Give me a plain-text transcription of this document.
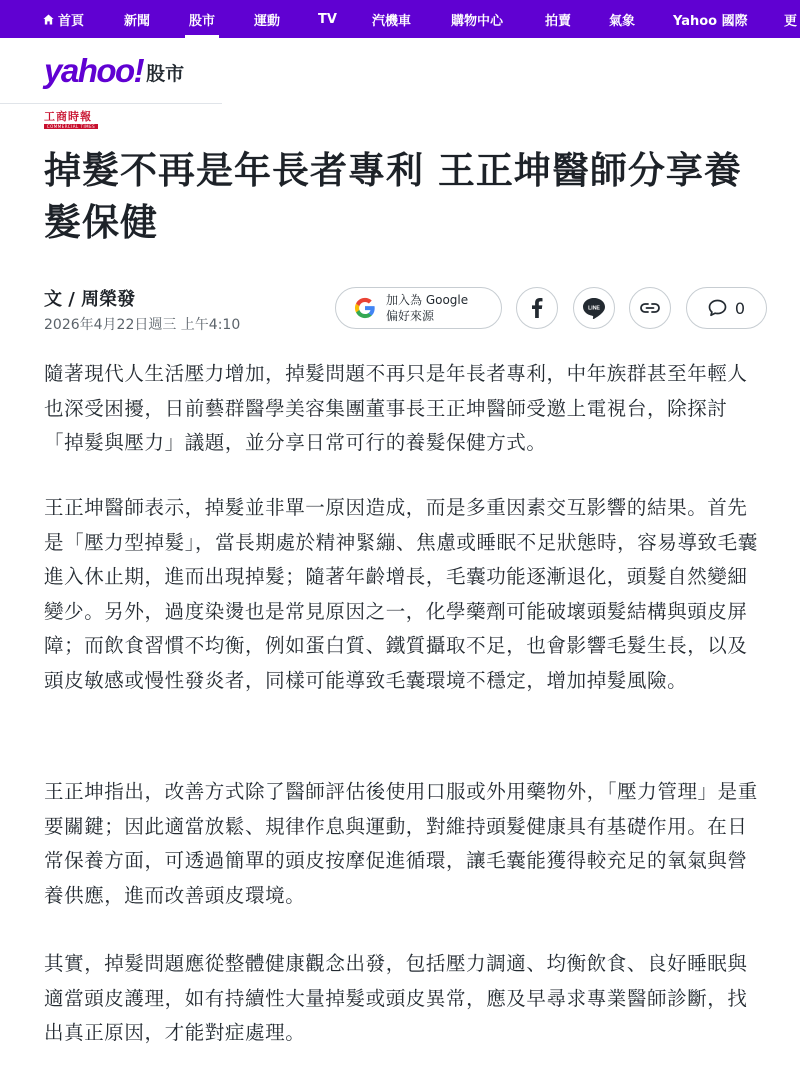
首頁	新聞	股市	運動	TV	汽機車	購物中心	拍賣	氣象	Yahoo 國際	更
yahoo! 股市
工商時報
COMMERCIAL TIMES
掉髮不再是年長者專利 王正坤醫師分享養髮保健
文 / 周榮發
2026年4月22日週三 上午4:10
加入為 Google
偏好來源
LINE	0

隨著現代人生活壓力增加，掉髮問題不再只是年長者專利，中年族群甚至年輕人也深受困擾，日前藝群醫學美容集團董事長王正坤醫師受邀上電視台，除探討「掉髮與壓力」議題，並分享日常可行的養髮保健方式。

王正坤醫師表示，掉髮並非單一原因造成，而是多重因素交互影響的結果。首先是「壓力型掉髮」，當長期處於精神緊繃、焦慮或睡眠不足狀態時，容易導致毛囊進入休止期，進而出現掉髮；隨著年齡增長，毛囊功能逐漸退化，頭髮自然變細變少。另外，過度染燙也是常見原因之一，化學藥劑可能破壞頭髮結構與頭皮屏障；而飲食習慣不均衡，例如蛋白質、鐵質攝取不足，也會影響毛髮生長，以及頭皮敏感或慢性發炎者，同樣可能導致毛囊環境不穩定，增加掉髮風險。

王正坤指出，改善方式除了醫師評估後使用口服或外用藥物外，「壓力管理」是重要關鍵；因此適當放鬆、規律作息與運動，對維持頭髮健康具有基礎作用。在日常保養方面，可透過簡單的頭皮按摩促進循環，讓毛囊能獲得較充足的氧氣與營養供應，進而改善頭皮環境。

其實，掉髮問題應從整體健康觀念出發，包括壓力調適、均衡飲食、良好睡眠與適當頭皮護理，如有持續性大量掉髮或頭皮異常，應及早尋求專業醫師診斷，找出真正原因，才能對症處理。
